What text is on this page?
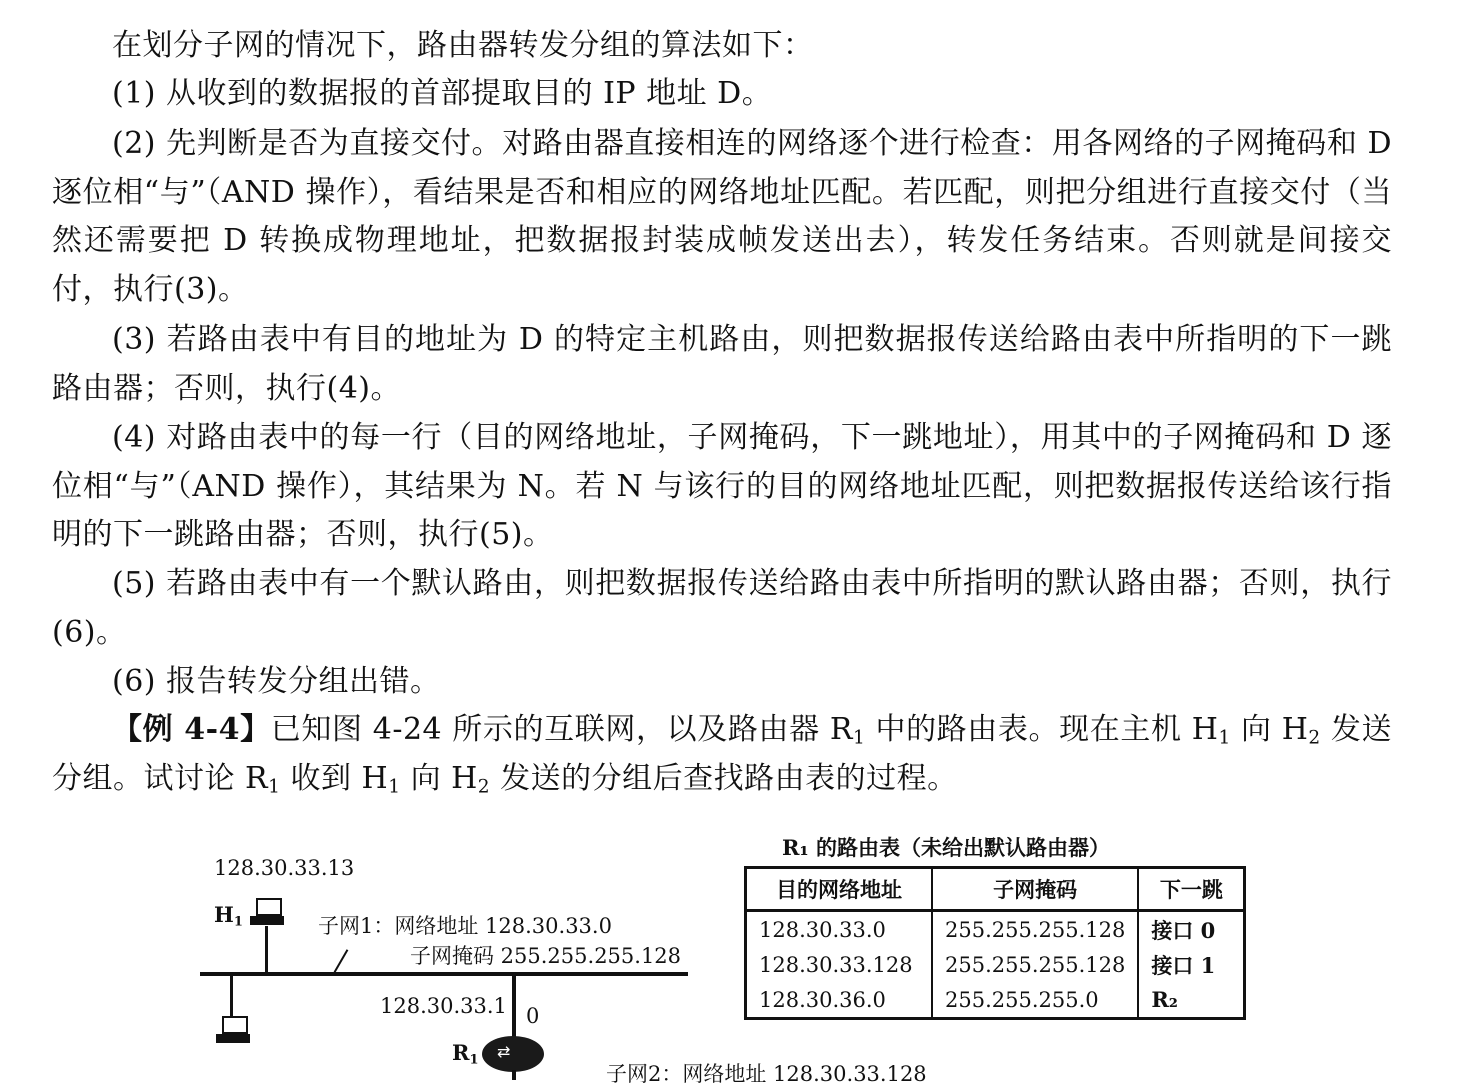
在划分子网的情况下，路由器转发分组的算法如下：

(1) 从收到的数据报的首部提取目的 IP 地址 D。

(2) 先判断是否为直接交付。对路由器直接相连的网络逐个进行检查：用各网络的子网掩码和 D 逐位相“与”（AND 操作），看结果是否和相应的网络地址匹配。若匹配，则把分组进行直接交付（当然还需要把 D 转换成物理地址，把数据报封装成帧发送出去），转发任务结束。否则就是间接交付，执行(3)。

(3) 若路由表中有目的地址为 D 的特定主机路由，则把数据报传送给路由表中所指明的下一跳路由器；否则，执行(4)。

(4) 对路由表中的每一行（目的网络地址，子网掩码，下一跳地址），用其中的子网掩码和 D 逐位相“与”（AND 操作），其结果为 N。若 N 与该行的目的网络地址匹配，则把数据报传送给该行指明的下一跳路由器；否则，执行(5)。

(5) 若路由表中有一个默认路由，则把数据报传送给路由表中所指明的默认路由器；否则，执行(6)。

(6) 报告转发分组出错。

【例 4-4】已知图 4-24 所示的互联网，以及路由器 $R_1$ 中的路由表。现在主机 $H_1$ 向 $H_2$ 发送分组。试讨论 $R_1$ 收到 $H_1$ 向 $H_2$ 发送的分组后查找路由表的过程。

128.30.33.13
$H_1$	子网1：网络地址 128.30.33.0
子网掩码 255.255.255.128
128.30.33.1 0
$R_1$ ⇄
子网2：网络地址 128.30.33.128
R₁ 的路由表（未给出默认路由器）
目的网络地址	子网掩码	下一跳
128.30.33.0	255.255.255.128	接口 0
128.30.33.128	255.255.255.128	接口 1
128.30.36.0	255.255.255.0	R₂
